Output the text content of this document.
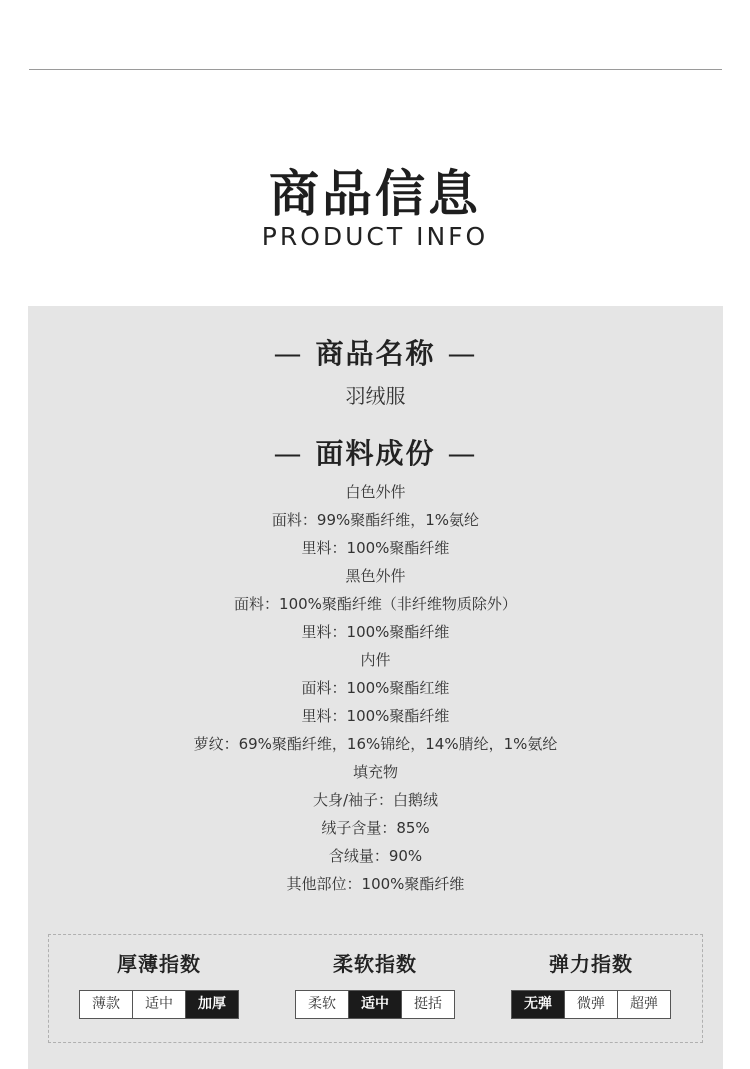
商品信息
PRODUCT INFO
— 商品名称 —
羽绒服
— 面料成份 —
白色外件
面料：99%聚酯纤维，1%氨纶
里料：100%聚酯纤维
黑色外件
面料：100%聚酯纤维（非纤维物质除外）
里料：100%聚酯纤维
内件
面料：100%聚酯红维
里料：100%聚酯纤维
萝纹：69%聚酯纤维，16%锦纶，14%腈纶，1%氨纶
填充物
大身/袖子：白鹅绒
绒子含量：85%
含绒量：90%
其他部位：100%聚酯纤维
厚薄指数
薄款	适中	加厚
柔软指数
柔软	适中	挺括
弹力指数
无弹	微弹	超弹
